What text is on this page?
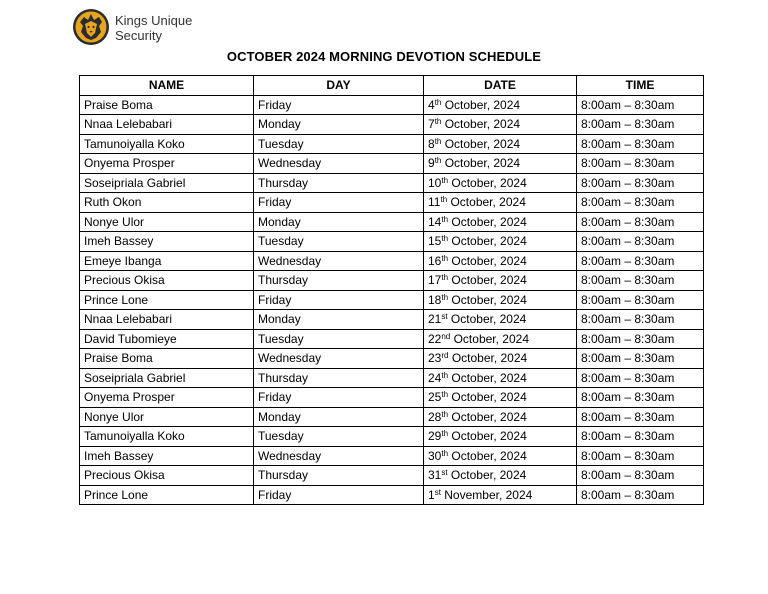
Kings Unique
Security
OCTOBER 2024 MORNING DEVOTION SCHEDULE
NAME	DAY	DATE	TIME
Praise Boma	Friday	4th October, 2024	8:00am – 8:30am
Nnaa Lelebabari	Monday	7th October, 2024	8:00am – 8:30am
Tamunoiyalla Koko	Tuesday	8th October, 2024	8:00am – 8:30am
Onyema Prosper	Wednesday	9th October, 2024	8:00am – 8:30am
Soseipriala Gabriel	Thursday	10th October, 2024	8:00am – 8:30am
Ruth Okon	Friday	11th October, 2024	8:00am – 8:30am
Nonye Ulor	Monday	14th October, 2024	8:00am – 8:30am
Imeh Bassey	Tuesday	15th October, 2024	8:00am – 8:30am
Emeye Ibanga	Wednesday	16th October, 2024	8:00am – 8:30am
Precious Okisa	Thursday	17th October, 2024	8:00am – 8:30am
Prince Lone	Friday	18th October, 2024	8:00am – 8:30am
Nnaa Lelebabari	Monday	21st October, 2024	8:00am – 8:30am
David Tubomieye	Tuesday	22nd October, 2024	8:00am – 8:30am
Praise Boma	Wednesday	23rd October, 2024	8:00am – 8:30am
Soseipriala Gabriel	Thursday	24th October, 2024	8:00am – 8:30am
Onyema Prosper	Friday	25th October, 2024	8:00am – 8:30am
Nonye Ulor	Monday	28th October, 2024	8:00am – 8:30am
Tamunoiyalla Koko	Tuesday	29th October, 2024	8:00am – 8:30am
Imeh Bassey	Wednesday	30th October, 2024	8:00am – 8:30am
Precious Okisa	Thursday	31st October, 2024	8:00am – 8:30am
Prince Lone	Friday	1st November, 2024	8:00am – 8:30am
